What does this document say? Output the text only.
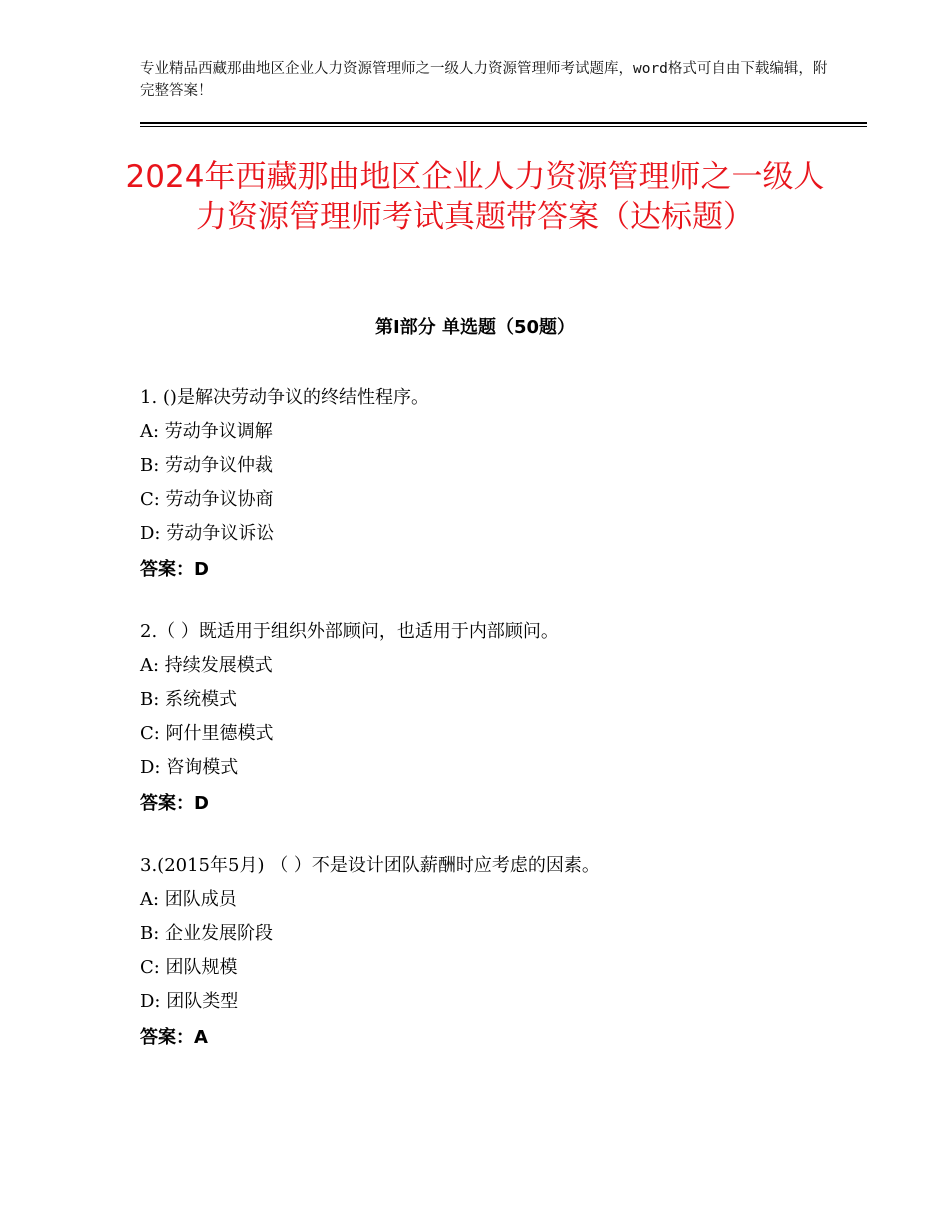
专业精品西藏那曲地区企业人力资源管理师之一级人力资源管理师考试题库，word格式可自由下载编辑，附完整答案！
2024年西藏那曲地区企业人力资源管理师之一级人力资源管理师考试真题带答案（达标题）
第Ⅰ部分 单选题（50题）
1. ()是解决劳动争议的终结性程序。
A: 劳动争议调解
B: 劳动争议仲裁
C: 劳动争议协商
D: 劳动争议诉讼
答案：D
2.（ ）既适用于组织外部顾问，也适用于内部顾问。
A: 持续发展模式
B: 系统模式
C: 阿什里德模式
D: 咨询模式
答案：D
3.(2015年5月) （ ）不是设计团队薪酬时应考虑的因素。
A: 团队成员
B: 企业发展阶段
C: 团队规模
D: 团队类型
答案：A
